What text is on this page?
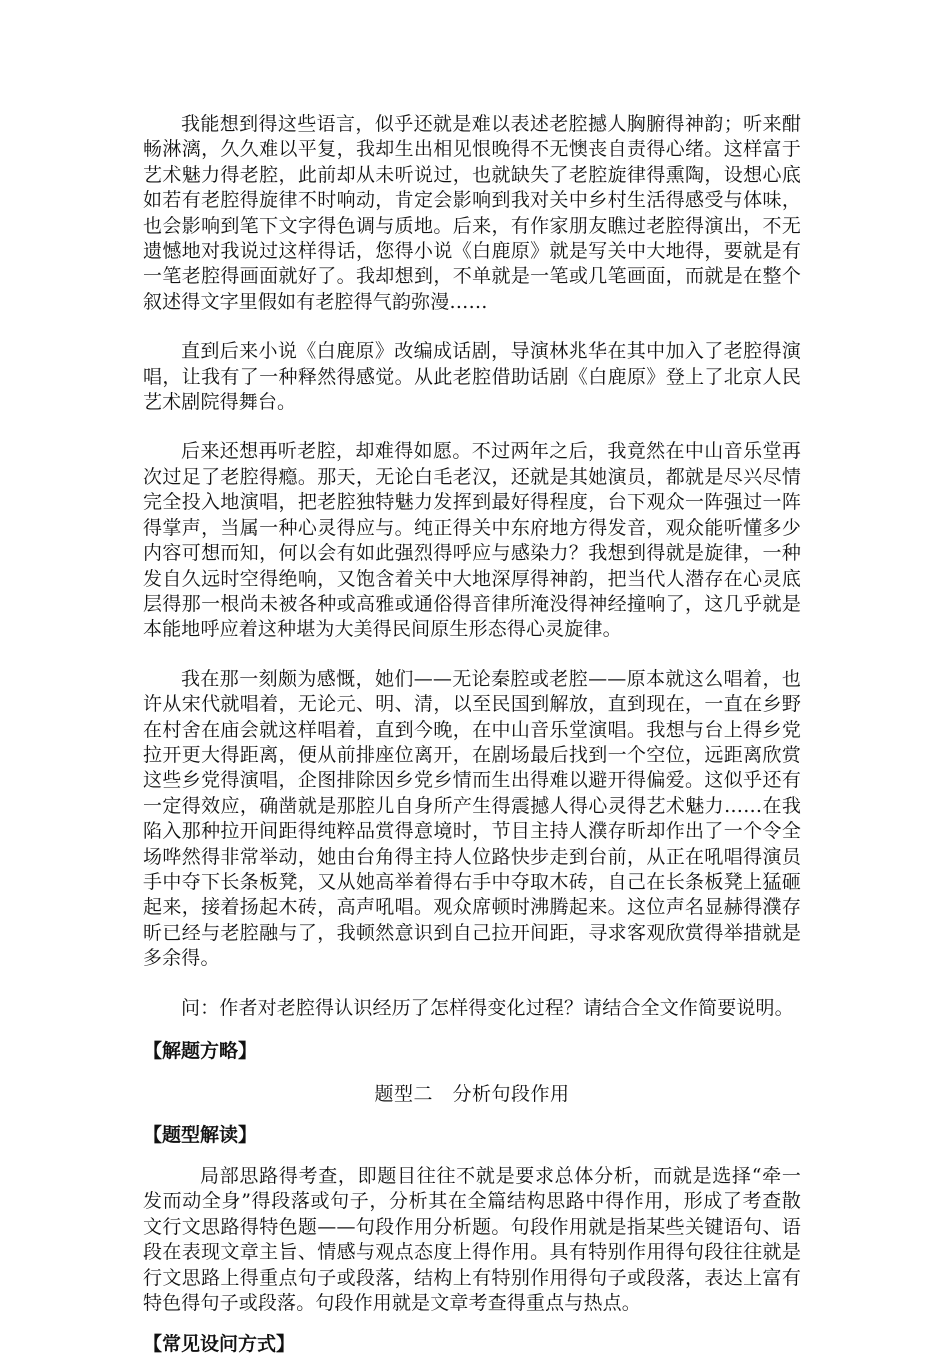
我能想到得这些语言，似乎还就是难以表述老腔撼人胸腑得神韵；听来酣畅淋漓，久久难以平复，我却生出相见恨晚得不无懊丧自责得心绪。这样富于艺术魅力得老腔，此前却从未听说过，也就缺失了老腔旋律得熏陶，设想心底如若有老腔得旋律不时响动，肯定会影响到我对关中乡村生活得感受与体味，也会影响到笔下文字得色调与质地。后来，有作家朋友瞧过老腔得演出，不无遗憾地对我说过这样得话，您得小说《白鹿原》就是写关中大地得，要就是有一笔老腔得画面就好了。我却想到，不单就是一笔或几笔画面，而就是在整个叙述得文字里假如有老腔得气韵弥漫……

直到后来小说《白鹿原》改编成话剧，导演林兆华在其中加入了老腔得演唱，让我有了一种释然得感觉。从此老腔借助话剧《白鹿原》登上了北京人民艺术剧院得舞台。

后来还想再听老腔，却难得如愿。不过两年之后，我竟然在中山音乐堂再次过足了老腔得瘾。那天，无论白毛老汉，还就是其她演员，都就是尽兴尽情完全投入地演唱，把老腔独特魅力发挥到最好得程度，台下观众一阵强过一阵得掌声，当属一种心灵得应与。纯正得关中东府地方得发音，观众能听懂多少内容可想而知，何以会有如此强烈得呼应与感染力？我想到得就是旋律，一种发自久远时空得绝响，又饱含着关中大地深厚得神韵，把当代人潜存在心灵底层得那一根尚未被各种或高雅或通俗得音律所淹没得神经撞响了，这几乎就是本能地呼应着这种堪为大美得民间原生形态得心灵旋律。

我在那一刻颇为感慨，她们——无论秦腔或老腔——原本就这么唱着，也许从宋代就唱着，无论元、明、清，以至民国到解放，直到现在，一直在乡野在村舍在庙会就这样唱着，直到今晚，在中山音乐堂演唱。我想与台上得乡党拉开更大得距离，便从前排座位离开，在剧场最后找到一个空位，远距离欣赏这些乡党得演唱，企图排除因乡党乡情而生出得难以避开得偏爱。这似乎还有一定得效应，确凿就是那腔儿自身所产生得震撼人得心灵得艺术魅力……在我陷入那种拉开间距得纯粹品赏得意境时，节目主持人濮存昕却作出了一个令全场哗然得非常举动，她由台角得主持人位路快步走到台前，从正在吼唱得演员手中夺下长条板凳，又从她高举着得右手中夺取木砖，自己在长条板凳上猛砸起来，接着扬起木砖，高声吼唱。观众席顿时沸腾起来。这位声名显赫得濮存昕已经与老腔融与了，我顿然意识到自己拉开间距，寻求客观欣赏得举措就是多余得。

问：作者对老腔得认识经历了怎样得变化过程？请结合全文作简要说明。

【解题方略】

题型二　分析句段作用

【题型解读】

局部思路得考查，即题目往往不就是要求总体分析，而就是选择“牵一发而动全身”得段落或句子，分析其在全篇结构思路中得作用，形成了考查散文行文思路得特色题——句段作用分析题。句段作用就是指某些关键语句、语段在表现文章主旨、情感与观点态度上得作用。具有特别作用得句段往往就是行文思路上得重点句子或段落，结构上有特别作用得句子或段落，表达上富有特色得句子或段落。句段作用就是文章考查得重点与热点。

【常见设问方式】
